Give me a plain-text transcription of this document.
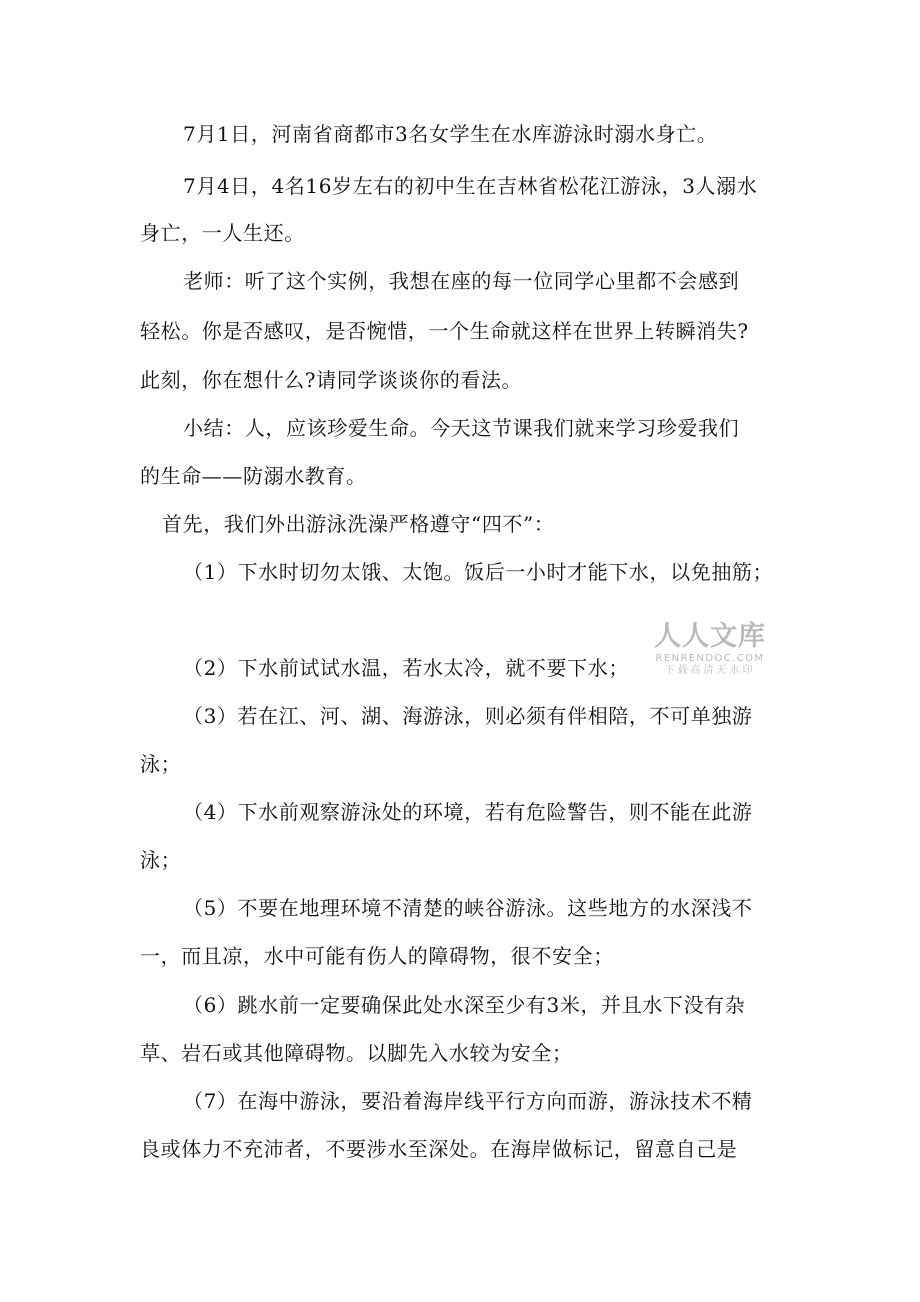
7月1日，河南省商都市3名女学生在水库游泳时溺水身亡。
7月4日，4名16岁左右的初中生在吉林省松花江游泳，3人溺水
身亡，一人生还。
老师：听了这个实例，我想在座的每一位同学心里都不会感到
轻松。你是否感叹，是否惋惜，一个生命就这样在世界上转瞬消失?
此刻，你在想什么?请同学谈谈你的看法。
小结：人，应该珍爱生命。今天这节课我们就来学习珍爱我们
的生命——防溺水教育。
首先，我们外出游泳洗澡严格遵守“四不”：
（1）下水时切勿太饿、太饱。饭后一小时才能下水，以免抽筋；
（2）下水前试试水温，若水太冷，就不要下水；
（3）若在江、河、湖、海游泳，则必须有伴相陪，不可单独游
泳；
（4）下水前观察游泳处的环境，若有危险警告，则不能在此游
泳；
（5）不要在地理环境不清楚的峡谷游泳。这些地方的水深浅不
一，而且凉，水中可能有伤人的障碍物，很不安全；
（6）跳水前一定要确保此处水深至少有3米，并且水下没有杂
草、岩石或其他障碍物。以脚先入水较为安全；
（7）在海中游泳，要沿着海岸线平行方向而游，游泳技术不精
良或体力不充沛者，不要涉水至深处。在海岸做标记，留意自己是
人人文库
RENRENDOC.COM
下载高清无水印
